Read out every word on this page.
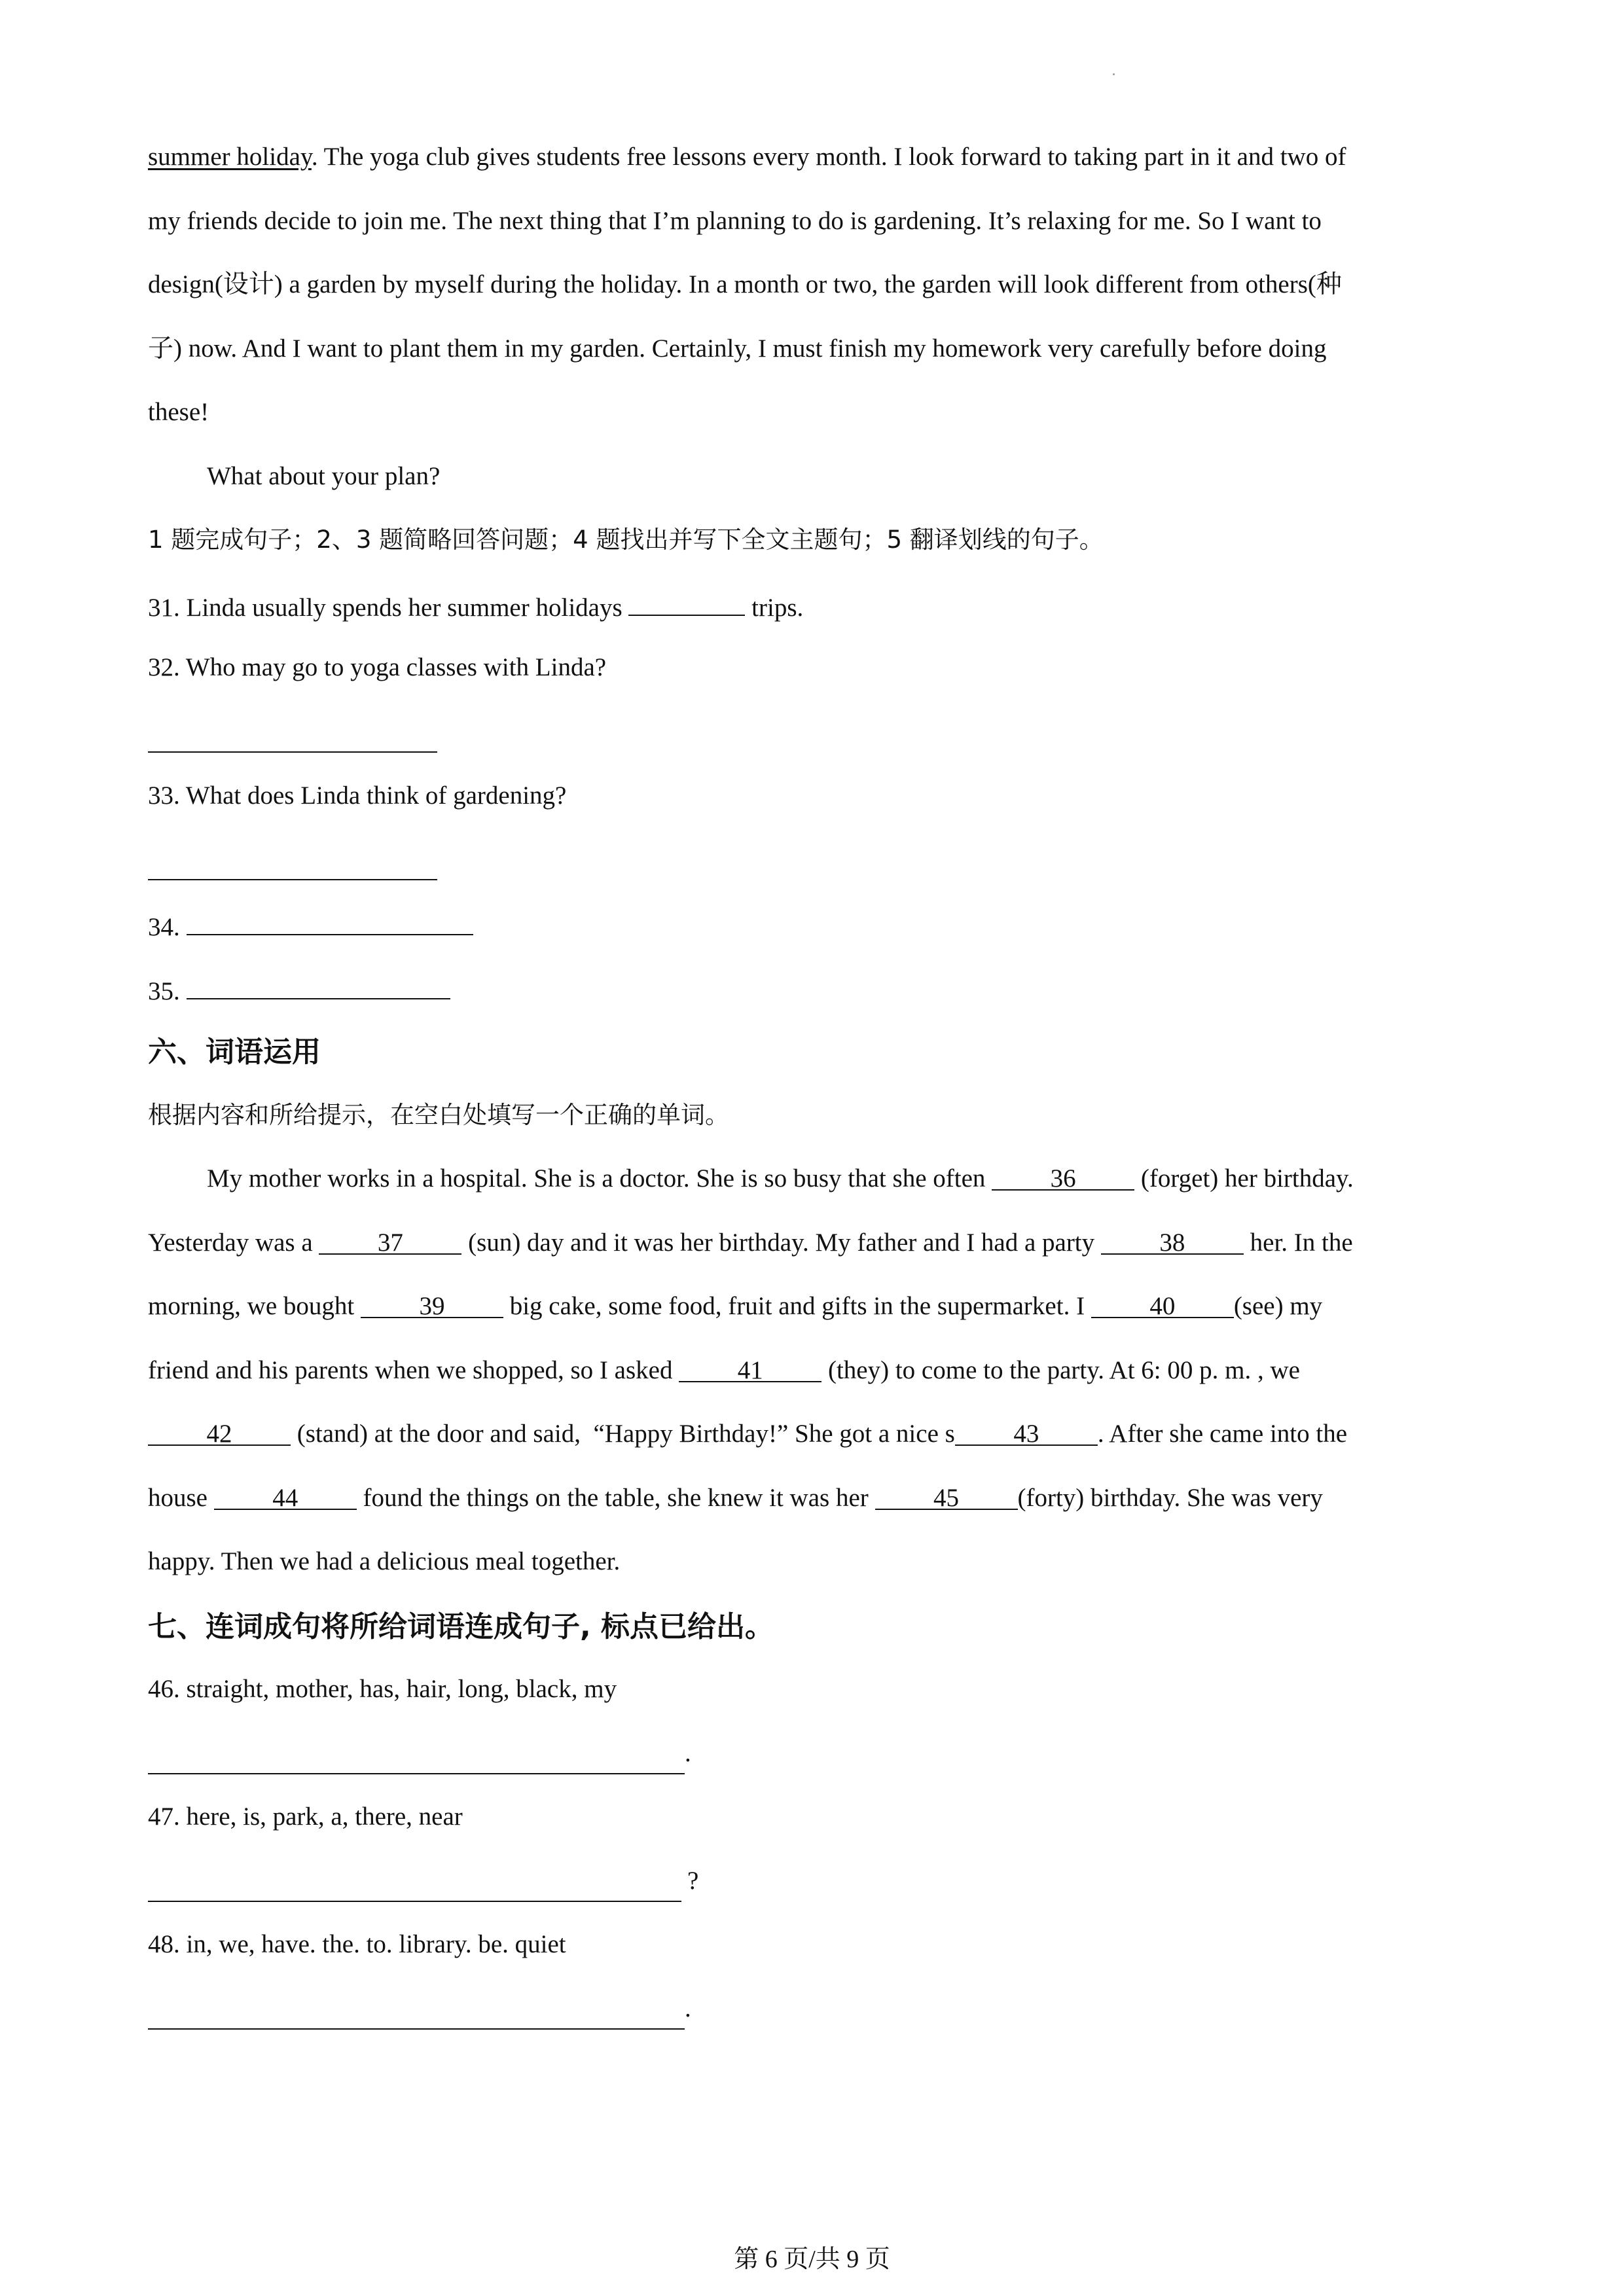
summer holiday. The yoga club gives students free lessons every month. I look forward to taking part in it and two of
my friends decide to join me. The next thing that I’m planning to do is gardening. It’s relaxing for me. So I want to
design(设计) a garden by myself during the holiday. In a month or two, the garden will look different from others(种
子) now. And I want to plant them in my garden. Certainly, I must finish my homework very carefully before doing
these!
What about your plan?
1 题完成句子；2、3 题简略回答问题；4 题找出并写下全文主题句；5 翻译划线的句子。
31. Linda usually spends her summer holidays	trips.
32. Who may go to yoga classes with Linda?
33. What does Linda think of gardening?
34.
35.
六、词语运用
根据内容和所给提示，在空白处填写一个正确的单词。
My mother works in a hospital. She is a doctor. She is so busy that she often	36	(forget) her birthday.
Yesterday was a	37	(sun) day and it was her birthday. My father and I had a party	38	her. In the
morning, we bought	39	big cake, some food, fruit and gifts in the supermarket. I	40 (see) my
friend and his parents when we shopped, so I asked	41	(they) to come to the party. At 6: 00 p. m. , we
42	(stand) at the door and said,  “Happy Birthday!” She got a nice s 43 . After she came into the
house	44	found the things on the table, she knew it was her	45 (forty) birthday. She was very
happy. Then we had a delicious meal together.
七、连词成句将所给词语连成句子, 标点已给出。
46. straight, mother, has, hair, long, black, my
.
47. here, is, park, a, there, near
?
48. in, we, have. the. to. library. be. quiet
.
第 6 页/共 9 页
